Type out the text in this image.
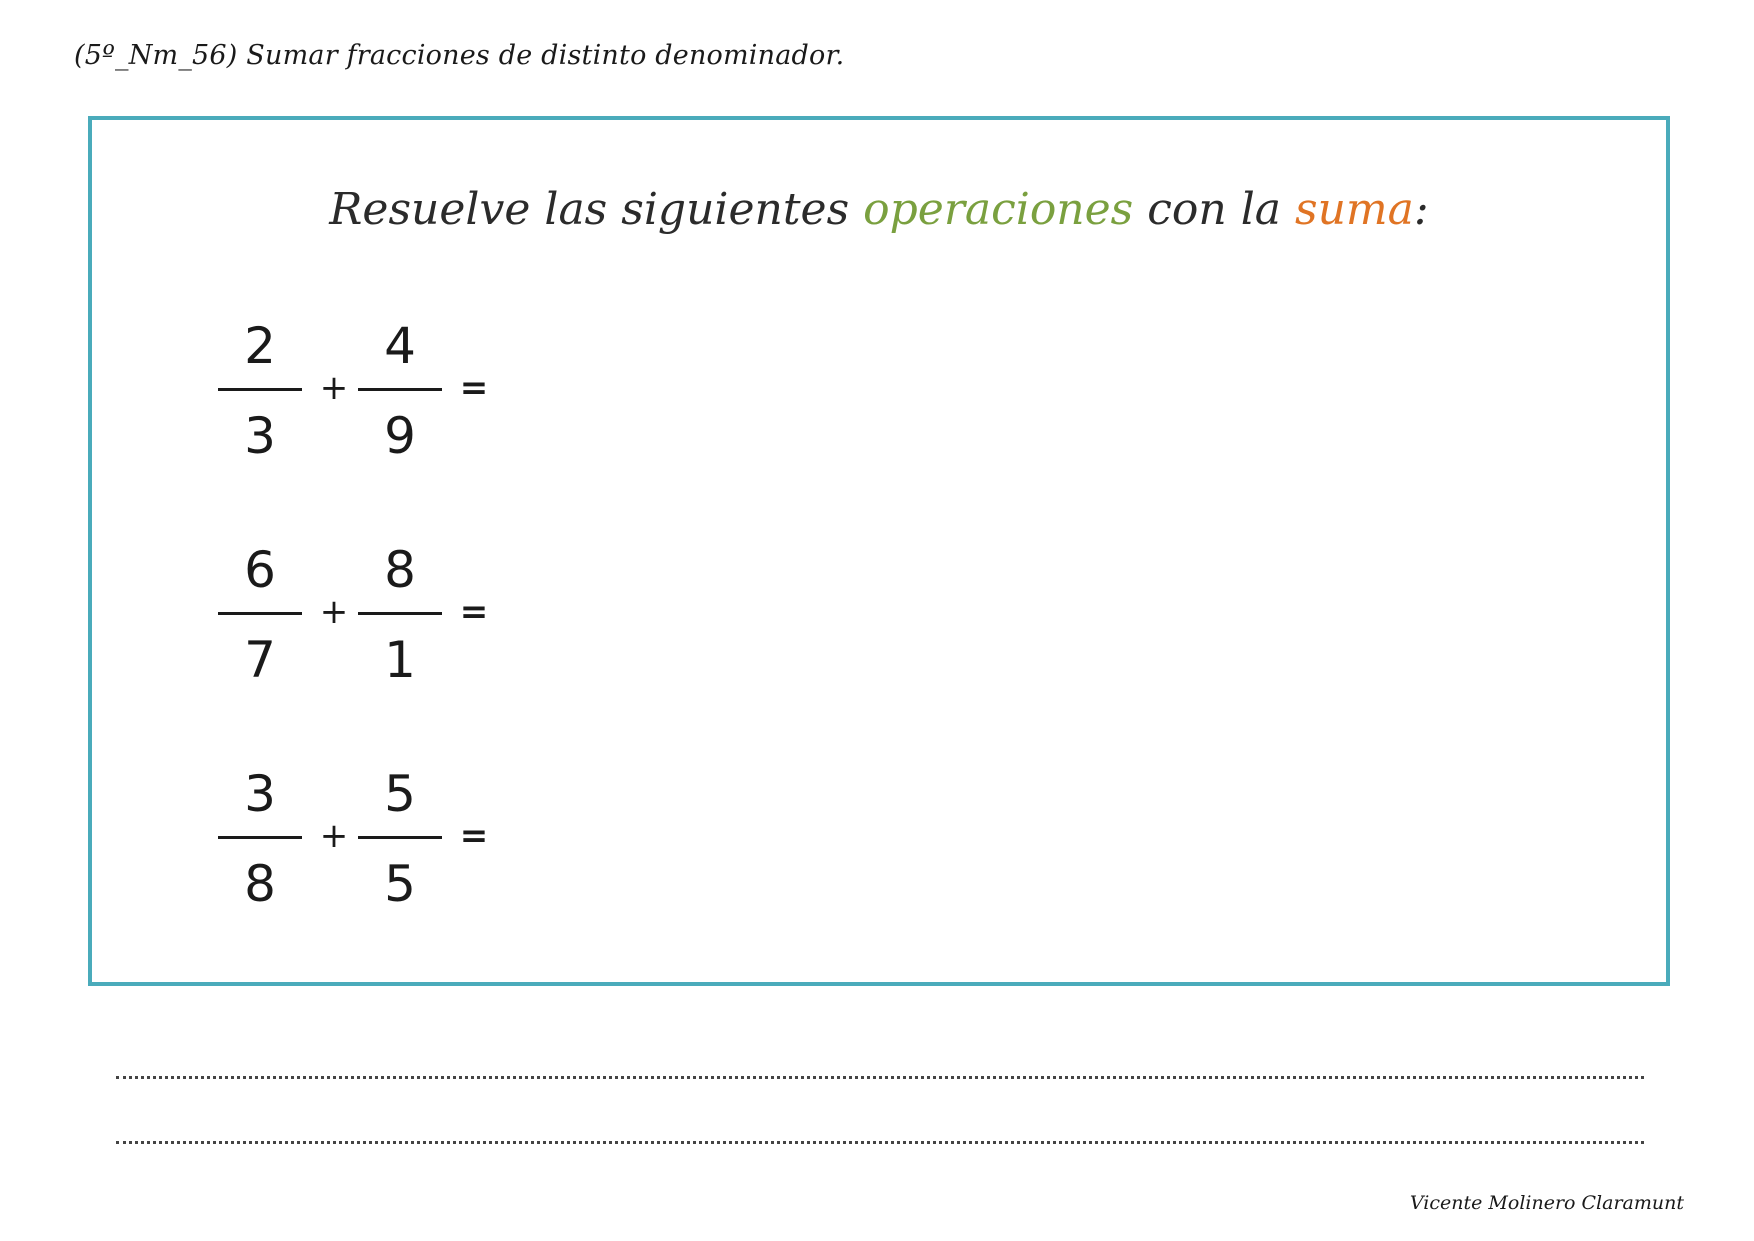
(5º_Nm_56) Sumar fracciones de distinto denominador.
Resuelve las siguientes operaciones con la suma:
2
3
+
4
9
=
6
7
+
8
1
=
3
8
+
5
5
=
Vicente Molinero Claramunt
